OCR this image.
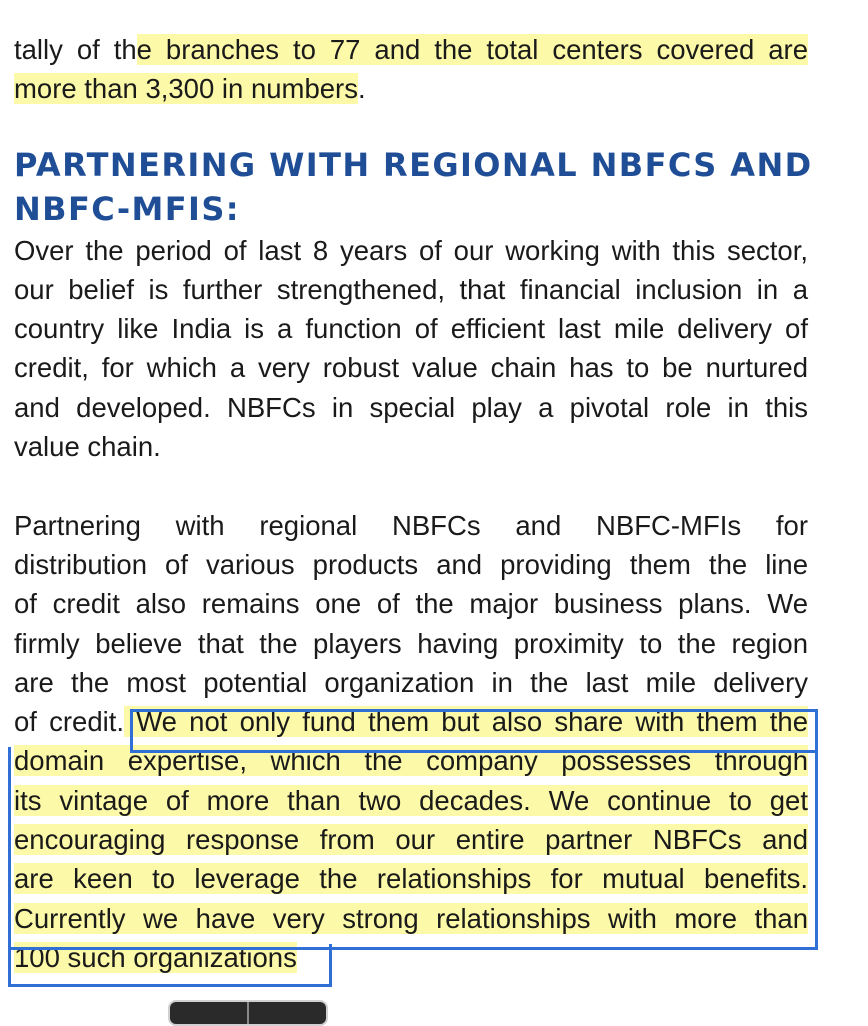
tally of the branches to 77 and the total centers covered are
more than 3,300 in numbers.
PARTNERING WITH REGIONAL NBFCS AND
NBFC-MFIS:
Over the period of last 8 years of our working with this sector,
our belief is further strengthened, that financial inclusion in a
country like India is a function of efficient last mile delivery of
credit, for which a very robust value chain has to be nurtured
and developed. NBFCs in special play a pivotal role in this
value chain.
Partnering with regional NBFCs and NBFC-MFIs for
distribution of various products and providing them the line
of credit also remains one of the major business plans. We
firmly believe that the players having proximity to the region
are the most potential organization in the last mile delivery
of credit. We not only fund them but also share with them the
domain expertise, which the company possesses through
its vintage of more than two decades. We continue to get
encouraging response from our entire partner NBFCs and
are keen to leverage the relationships for mutual benefits.
Currently we have very strong relationships with more than
100 such organizations
